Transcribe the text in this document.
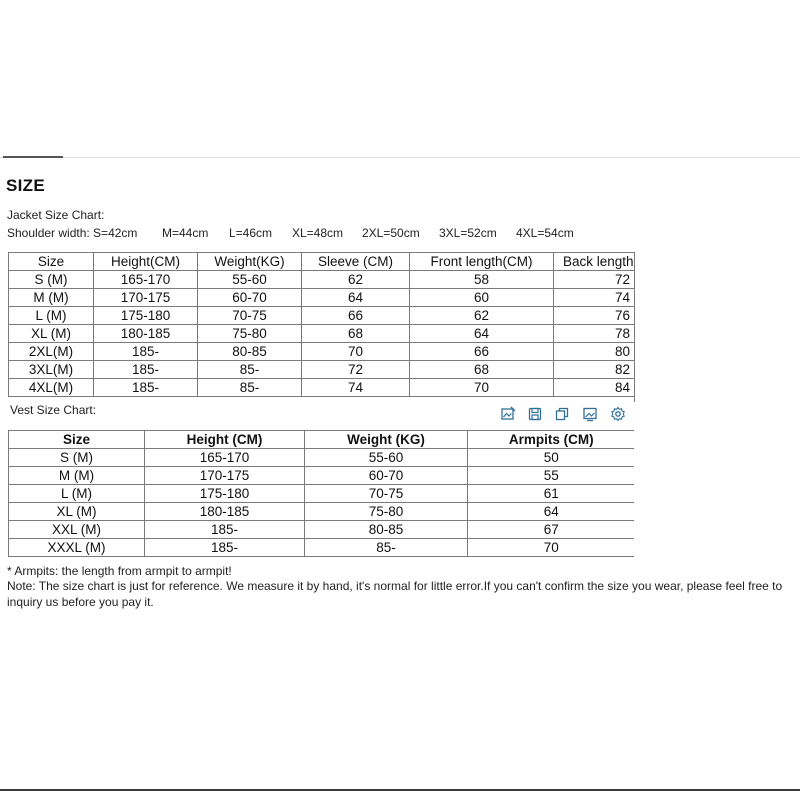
SIZE
Jacket Size Chart:
Shoulder width: S=42cm M=44cm L=46cm XL=48cm 2XL=50cm 3XL=52cm 4XL=54cm
Size	Height(CM)	Weight(KG)	Sleeve (CM)	Front length(CM)	Back length
S (M)	165-170	55-60	62	58	72
M (M)	170-175	60-70	64	60	74
L (M)	175-180	70-75	66	62	76
XL (M)	180-185	75-80	68	64	78
2XL(M)	185-	80-85	70	66	80
3XL(M)	185-	85-	72	68	82
4XL(M)	185-	85-	74	70	84
Vest Size Chart:
Size	Height (CM)	Weight (KG)	Armpits (CM)
S (M)	165-170	55-60	50
M (M)	170-175	60-70	55
L (M)	175-180	70-75	61
XL (M)	180-185	75-80	64
XXL (M)	185-	80-85	67
XXXL (M)	185-	85-	70
* Armpits: the length from armpit to armpit!
Note: The size chart is just for reference. We measure it by hand, it's normal for little error.If you can't confirm the size you wear, please feel free to inquiry us before you pay it.
